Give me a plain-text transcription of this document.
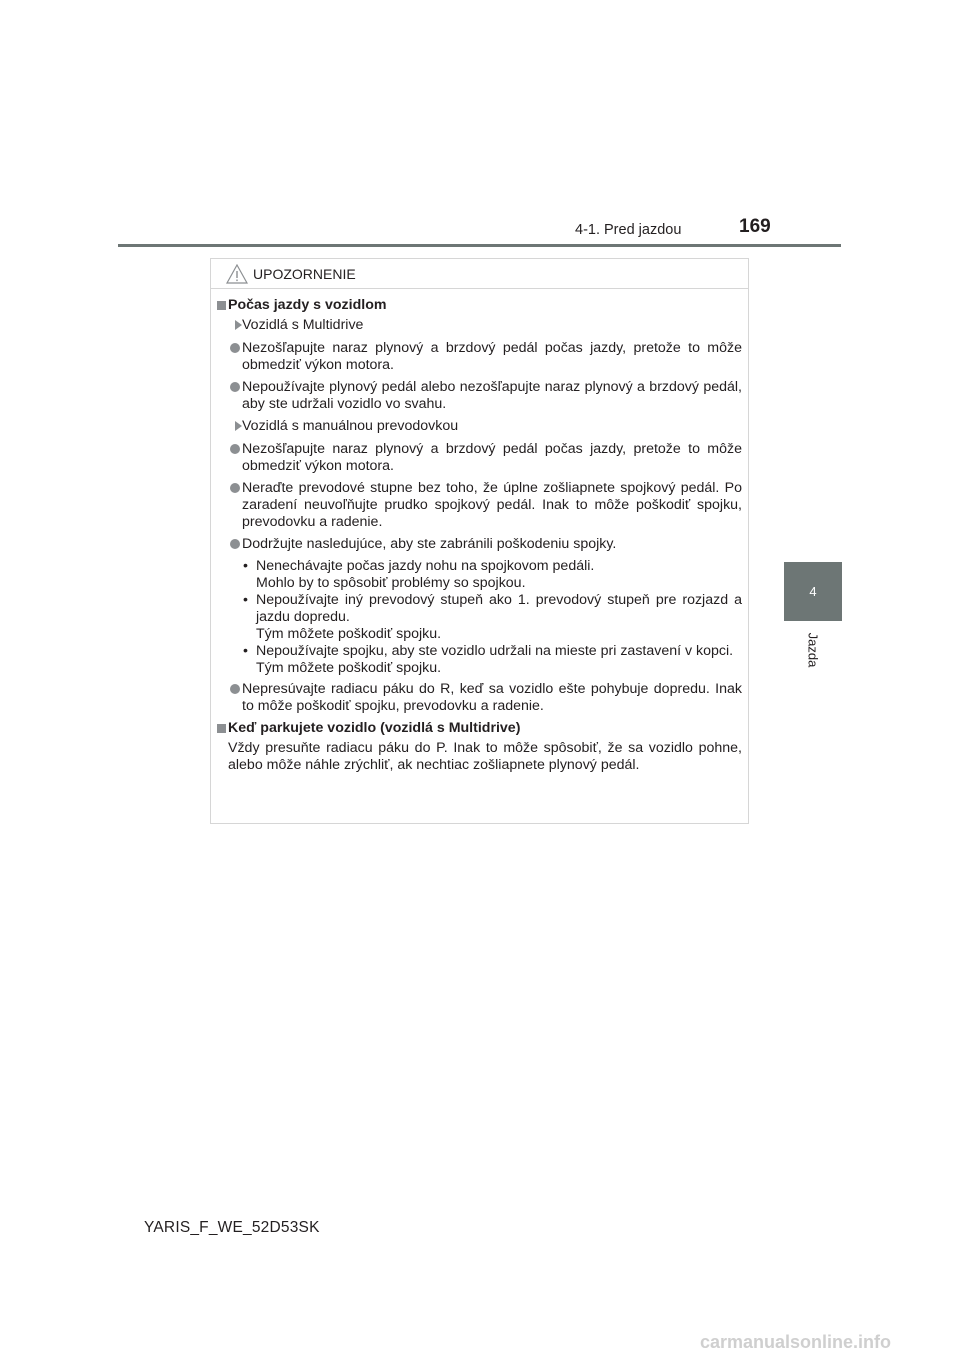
4-1. Pred jazdou	169
4
Jazda
UPOZORNENIE
Počas jazdy s vozidlom
Vozidlá s Multidrive
Nezošľapujte naraz plynový a brzdový pedál počas jazdy, pretože to môže obmedziť výkon motora.
Nepoužívajte plynový pedál alebo nezošľapujte naraz plynový a brzdový pedál, aby ste udržali vozidlo vo svahu.
Vozidlá s manuálnou prevodovkou
Nezošľapujte naraz plynový a brzdový pedál počas jazdy, pretože to môže obmedziť výkon motora.
Neraďte prevodové stupne bez toho, že úplne zošliapnete spojkový pedál. Po zaradení neuvoľňujte prudko spojkový pedál. Inak to môže poškodiť spojku, prevodovku a radenie.
Dodržujte nasledujúce, aby ste zabránili poškodeniu spojky.
• Nenechávajte počas jazdy nohu na spojkovom pedáli.
Mohlo by to spôsobiť problémy so spojkou.
• Nepoužívajte iný prevodový stupeň ako 1. prevodový stupeň pre rozjazd a jazdu dopredu.
Tým môžete poškodiť spojku.
• Nepoužívajte spojku, aby ste vozidlo udržali na mieste pri zastavení v kopci.
Tým môžete poškodiť spojku.
Nepresúvajte radiacu páku do R, keď sa vozidlo ešte pohybuje dopredu. Inak to môže poškodiť spojku, prevodovku a radenie.
Keď parkujete vozidlo (vozidlá s Multidrive)
Vždy presuňte radiacu páku do P. Inak to môže spôsobiť, že sa vozidlo pohne, alebo môže náhle zrýchliť, ak nechtiac zošliapnete plynový pedál.
YARIS_F_WE_52D53SK
carmanualsonline.info
